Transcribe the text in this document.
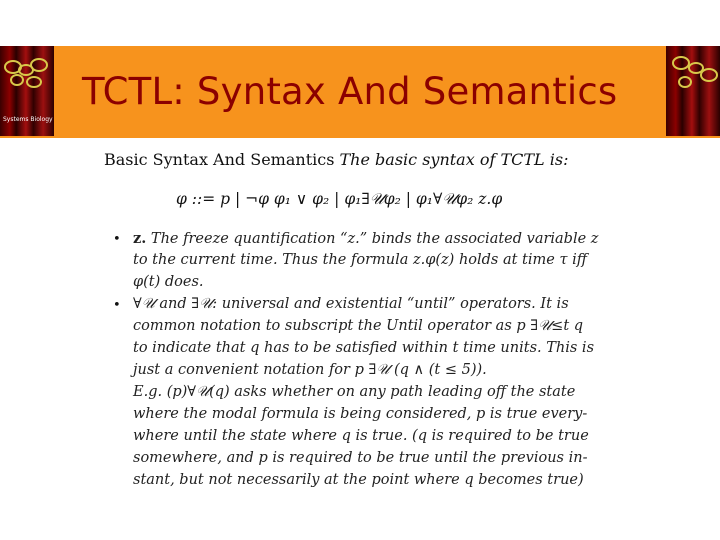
Systems Biology
TCTL: Syntax And Semantics
Basic Syntax And Semantics The basic syntax of TCTL is:
φ ::= p | ¬φ φ₁ ∨ φ₂ | φ₁∃𝒰φ₂ | φ₁∀𝒰φ₂ z.φ
• z. The freeze quantification “z.” binds the associated variable z
to the current time. Thus the formula z.φ(z) holds at time τ iff
φ(t) does.
• ∀𝒰 and ∃𝒰: universal and existential “until” operators. It is
common notation to subscript the Until operator as p ∃𝒰≤t q
to indicate that q has to be satisfied within t time units. This is
just a convenient notation for p ∃𝒰 (q ∧ (t ≤ 5)).
E.g. (p)∀𝒰(q) asks whether on any path leading off the state
where the modal formula is being considered, p is true every-
where until the state where q is true. (q is required to be true
somewhere, and p is required to be true until the previous in-
stant, but not necessarily at the point where q becomes true)
